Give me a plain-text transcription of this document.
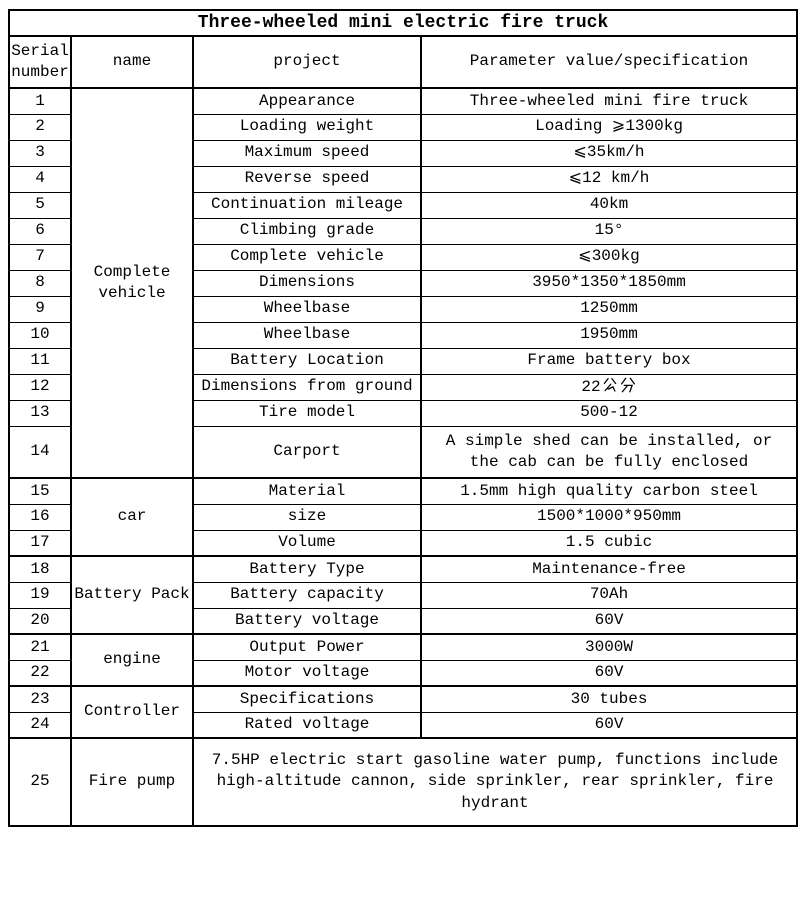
Three-wheeled mini electric fire truck			
Serial number	name	project	Parameter value/specification
1	Complete vehicle	Appearance	Three-wheeled mini fire truck
2		Loading weight	Loading ⩾1300kg
3		Maximum speed	⩽35km/h
4		Reverse speed	⩽12 km/h
5		Continuation mileage	40km
6		Climbing grade	15°
7		Complete vehicle	⩽300kg
8		Dimensions	3950*1350*1850mm
9		Wheelbase	1250mm
10		Wheelbase	1950mm
11		Battery Location	Frame battery box
12		Dimensions from ground	22
13		Tire model	500-12
14		Carport	A simple shed can be installed, or
the cab can be fully enclosed
15	car	Material	1.5mm high quality carbon steel
16		size	1500*1000*950mm
17		Volume	1.5 cubic
18	Battery Pack	Battery Type	Maintenance-free
19		Battery capacity	70Ah
20		Battery voltage	60V
21	engine	Output Power	3000W
22		Motor voltage	60V
23	Controller	Specifications	30 tubes
24		Rated voltage	60V
25	Fire pump	7.5HP electric start gasoline water pump, functions include
high-altitude cannon, side sprinkler, rear sprinkler, fire
hydrant	
